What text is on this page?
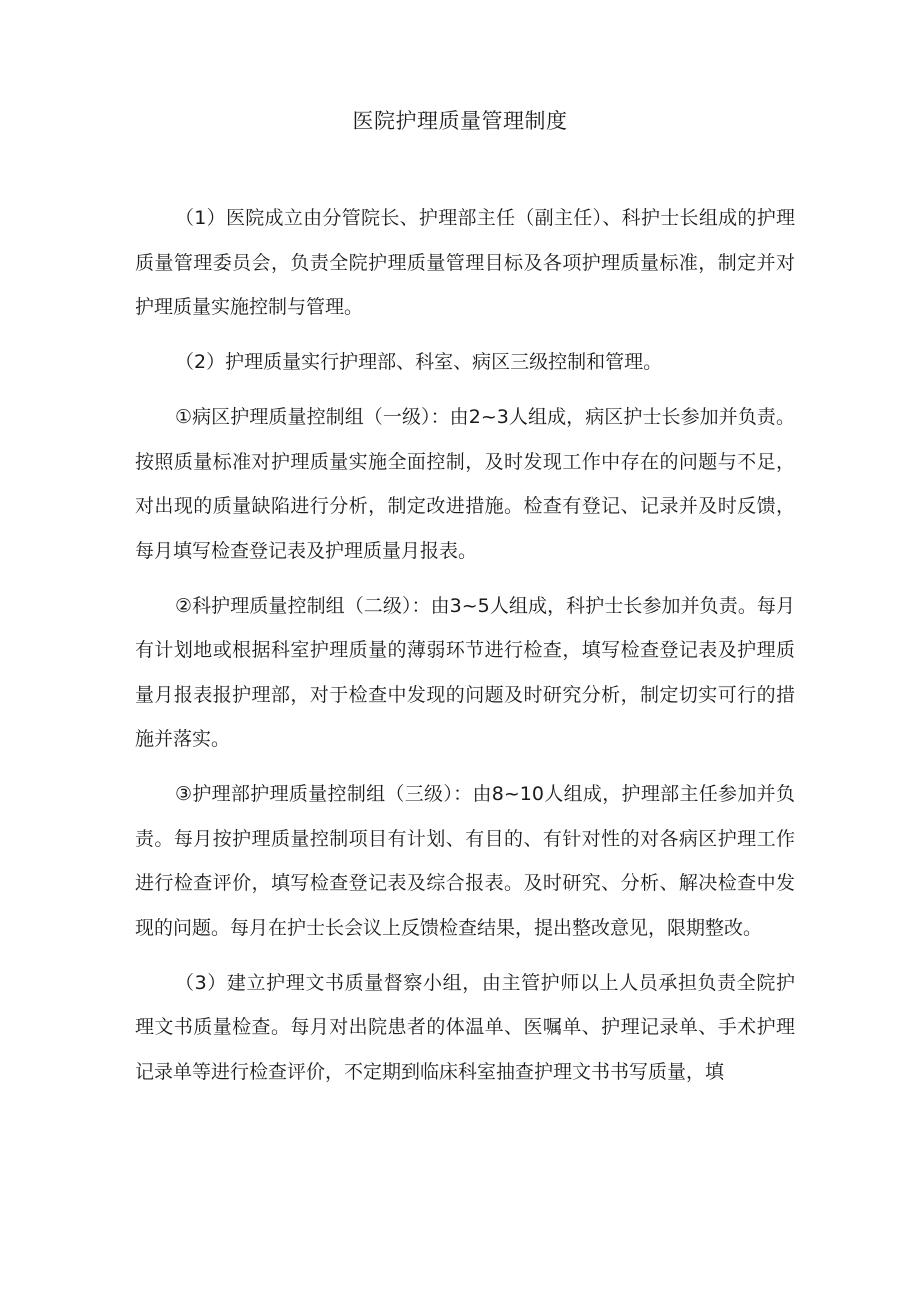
医院护理质量管理制度

（1）医院成立由分管院长、护理部主任（副主任）、科护士长组成的护理质量管理委员会，负责全院护理质量管理目标及各项护理质量标准，制定并对护理质量实施控制与管理。

（2）护理质量实行护理部、科室、病区三级控制和管理。

①病区护理质量控制组（一级）：由2~3人组成，病区护士长参加并负责。按照质量标准对护理质量实施全面控制，及时发现工作中存在的问题与不足，对出现的质量缺陷进行分析，制定改进措施。检查有登记、记录并及时反馈，每月填写检查登记表及护理质量月报表。

②科护理质量控制组（二级）：由3~5人组成，科护士长参加并负责。每月有计划地或根据科室护理质量的薄弱环节进行检查，填写检查登记表及护理质量月报表报护理部，对于检查中发现的问题及时研究分析，制定切实可行的措施并落实。

③护理部护理质量控制组（三级）：由8~10人组成，护理部主任参加并负责。每月按护理质量控制项目有计划、有目的、有针对性的对各病区护理工作进行检查评价，填写检查登记表及综合报表。及时研究、分析、解决检查中发现的问题。每月在护士长会议上反馈检查结果，提出整改意见，限期整改。

（3）建立护理文书质量督察小组，由主管护师以上人员承担负责全院护理文书质量检查。每月对出院患者的体温单、医嘱单、护理记录单、手术护理记录单等进行检查评价，不定期到临床科室抽查护理文书书写质量，填
